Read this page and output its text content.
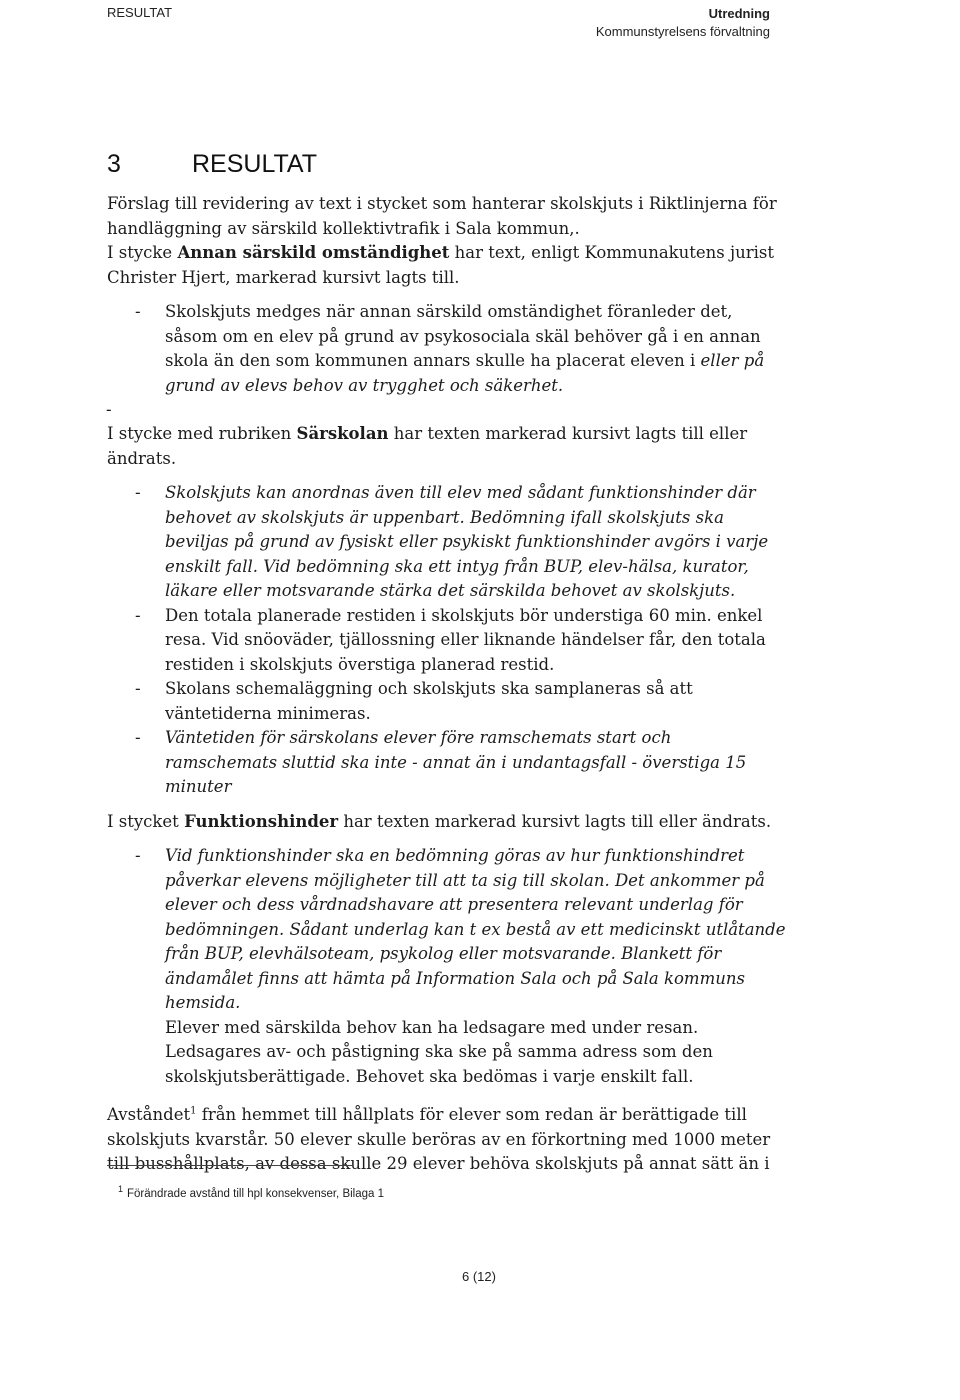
RESULTAT	Utredning
Kommunstyrelsens förvaltning
3	RESULTAT

Förslag till revidering av text i stycket som hanterar skolskjuts i Riktlinjerna för handläggning av särskild kollektivtrafik i Sala kommun,.

I stycke Annan särskild omständighet har text, enligt Kommunakutens jurist Christer Hjert, markerad kursivt lagts till.

- Skolskjuts medges när annan särskild omständighet föranleder det, såsom om en elev på grund av psykosociala skäl behöver gå i en annan skola än den som kommunen annars skulle ha placerat eleven i eller på grund av elevs behov av trygghet och säkerhet.
-

I stycke med rubriken Särskolan har texten markerad kursivt lagts till eller ändrats.

- Skolskjuts kan anordnas även till elev med sådant funktionshinder där behovet av skolskjuts är uppenbart. Bedömning ifall skolskjuts ska beviljas på grund av fysiskt eller psykiskt funktionshinder avgörs i varje enskilt fall. Vid bedömning ska ett intyg från BUP, elev-hälsa, kurator, läkare eller motsvarande stärka det särskilda behovet av skolskjuts.
- Den totala planerade restiden i skolskjuts bör understiga 60 min. enkel resa. Vid snöoväder, tjällossning eller liknande händelser får, den totala restiden i skolskjuts överstiga planerad restid.
- Skolans schemaläggning och skolskjuts ska samplaneras så att väntetiderna minimeras.
- Väntetiden för särskolans elever före ramschemats start och ramschemats sluttid ska inte - annat än i undantagsfall - överstiga 15 minuter

I stycket Funktionshinder har texten markerad kursivt lagts till eller ändrats.

- Vid funktionshinder ska en bedömning göras av hur funktionshindret påverkar elevens möjligheter till att ta sig till skolan. Det ankommer på elever och dess vårdnadshavare att presentera relevant underlag för bedömningen. Sådant underlag kan t ex bestå av ett medicinskt utlåtande från BUP, elevhälsoteam, psykolog eller motsvarande. Blankett för ändamålet finns att hämta på Information Sala och på Sala kommuns hemsida.

Elever med särskilda behov kan ha ledsagare med under resan.

Ledsagares av- och påstigning ska ske på samma adress som den skolskjutsberättigade. Behovet ska bedömas i varje enskilt fall.

Avståndet$^1$ från hemmet till hållplats för elever som redan är berättigade till skolskjuts kvarstår. 50 elever skulle beröras av en förkortning med 1000 meter till busshållplats, av dessa skulle 29 elever behöva skolskjuts på annat sätt än i

$^1$ Förändrade avstånd till hpl konsekvenser, Bilaga 1
6 (12)
